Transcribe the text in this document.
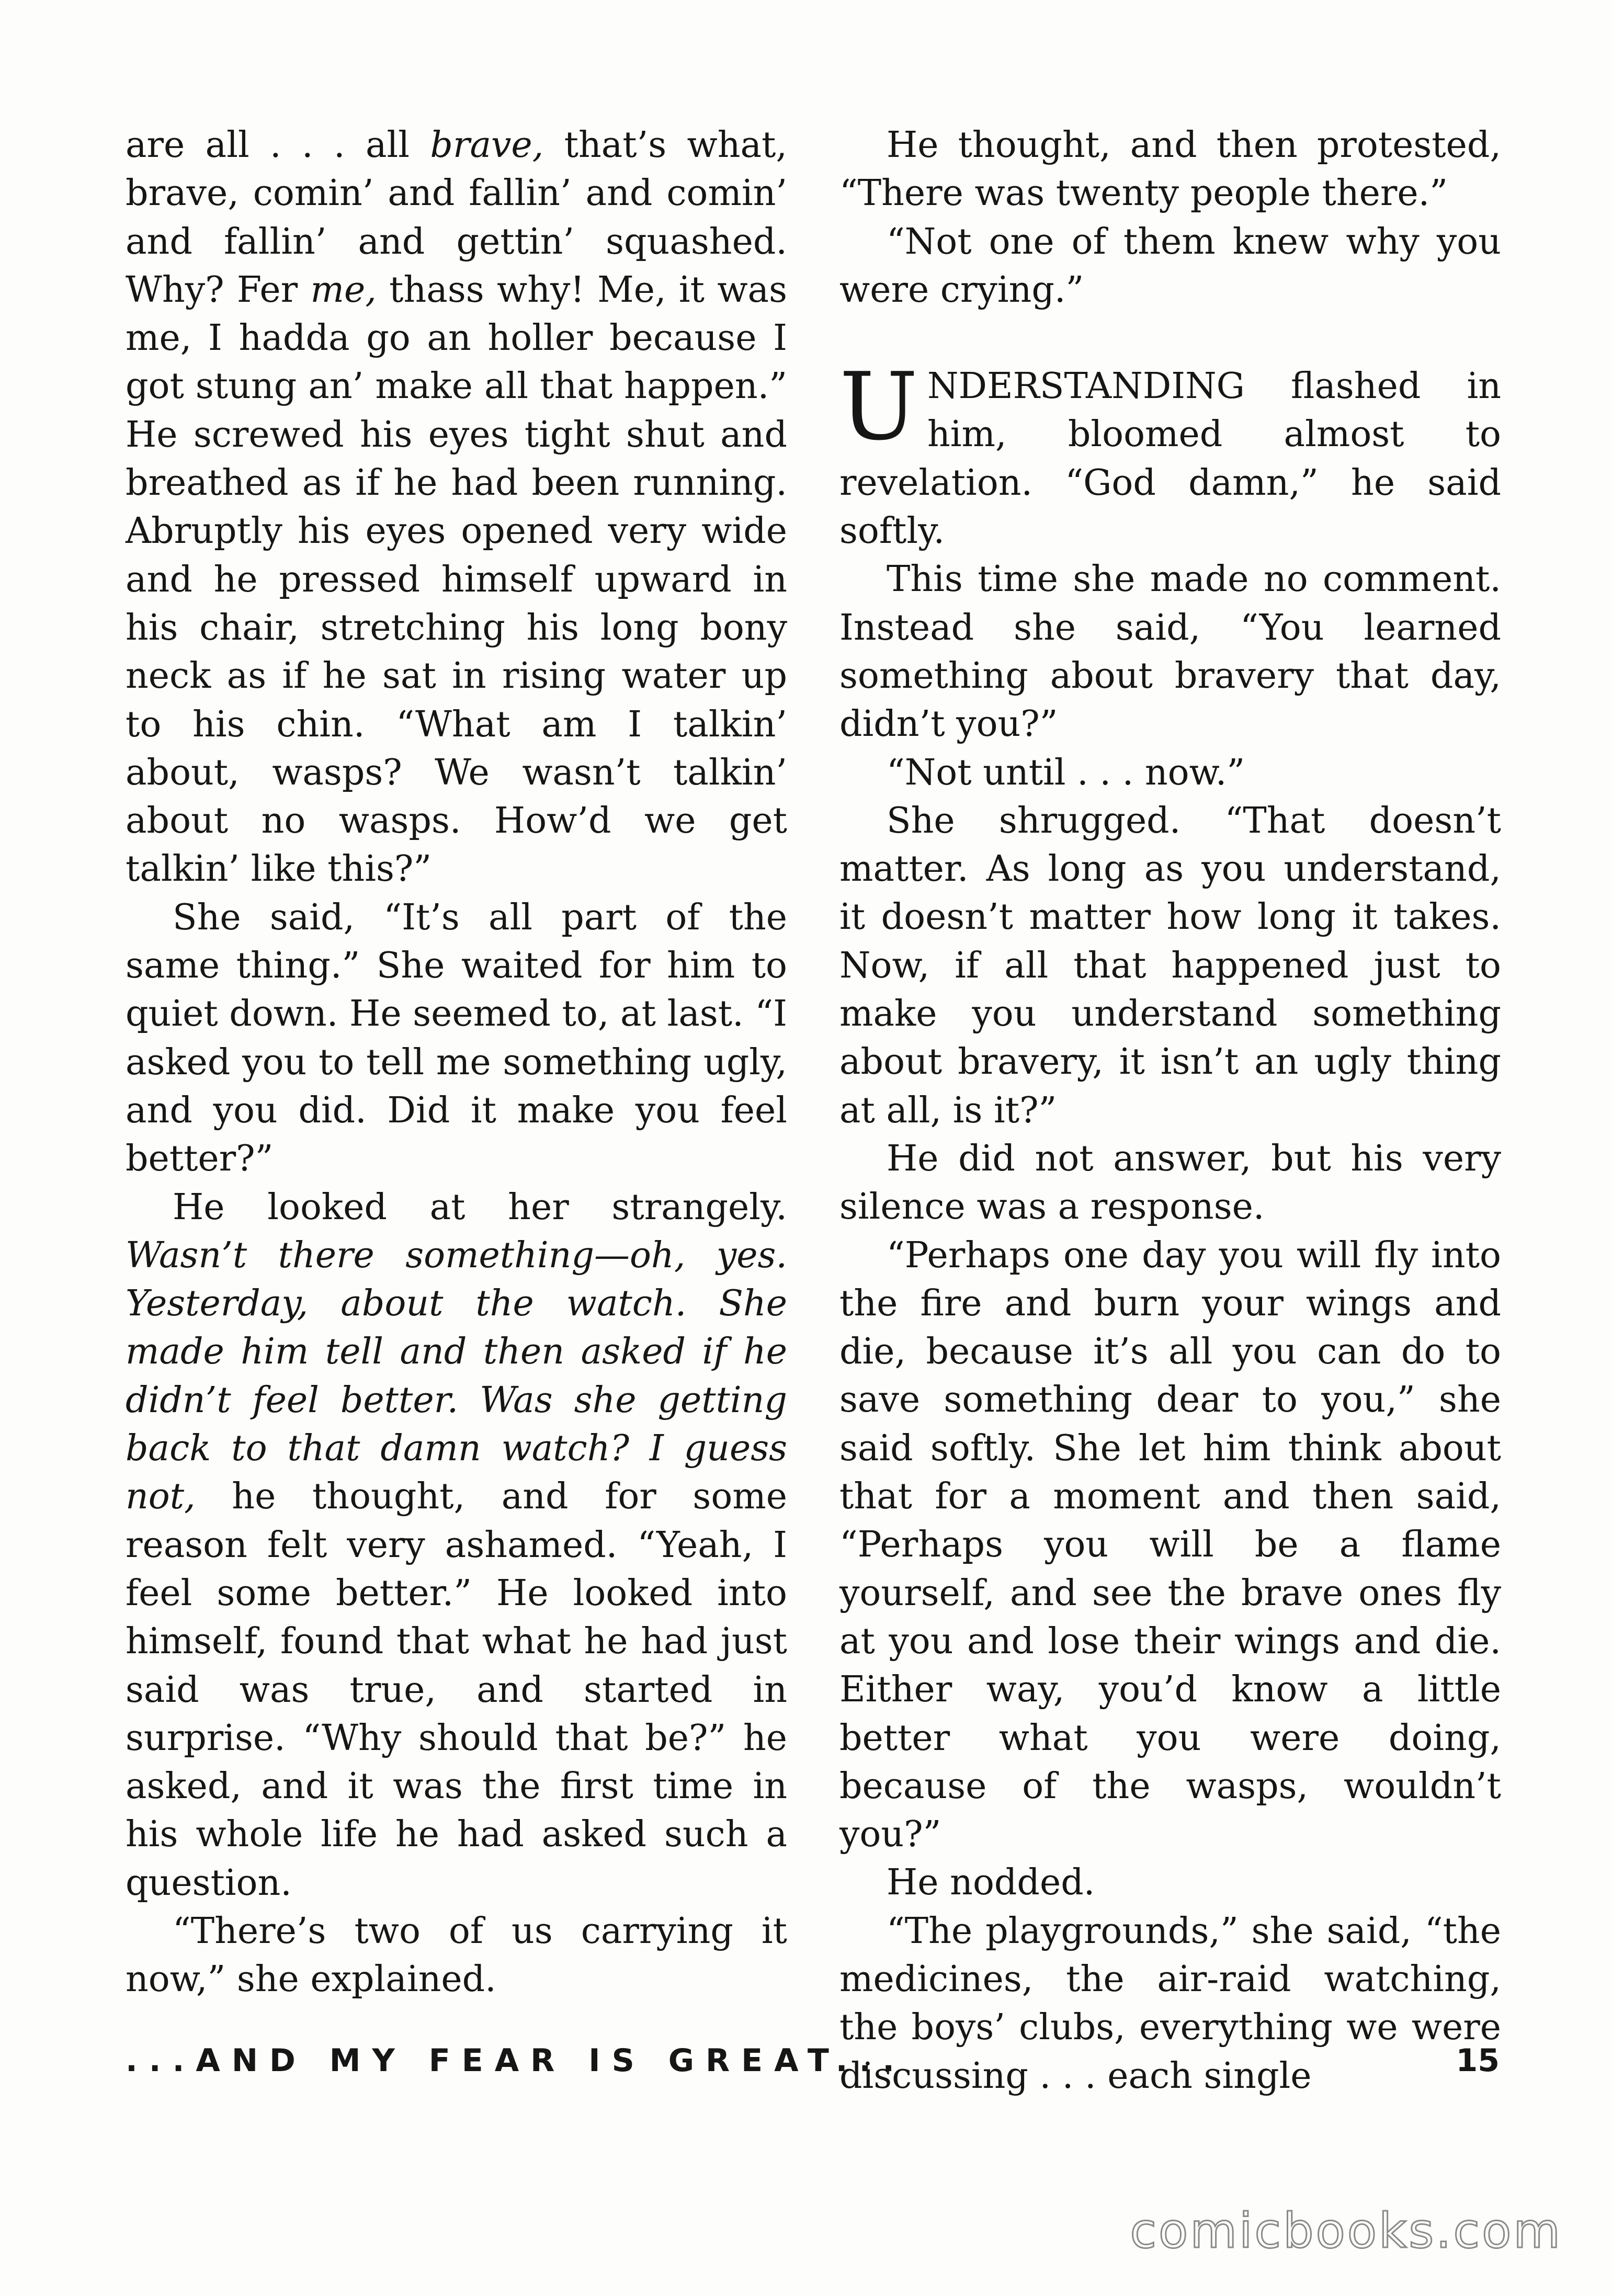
are all . . . all brave, that’s what, brave, comin’ and fallin’ and comin’ and fallin’ and gettin’ squashed. Why? Fer me, thass why! Me, it was me, I hadda go an holler because I got stung an’ make all that happen.” He screwed his eyes tight shut and breathed as if he had been running. Abruptly his eyes opened very wide and he pressed himself upward in his chair, stretching his long bony neck as if he sat in rising water up to his chin. “What am I talkin’ about, wasps? We wasn’t talkin’ about no wasps. How’d we get talkin’ like this?”

She said, “It’s all part of the same thing.” She waited for him to quiet down. He seemed to, at last. “I asked you to tell me something ugly, and you did. Did it make you feel better?”

He looked at her strangely. Wasn’t there something—oh, yes. Yesterday, about the watch. She made him tell and then asked if he didn’t feel better. Was she getting back to that damn watch? I guess not, he thought, and for some reason felt very ashamed. “Yeah, I feel some better.” He looked into himself, found that what he had just said was true, and started in surprise. “Why should that be?” he asked, and it was the first time in his whole life he had asked such a question.

“There’s two of us carrying it now,” she explained.

He thought, and then protested, “There was twenty people there.”

“Not one of them knew why you were crying.”

UNDERSTANDING flashed in him, bloomed almost to revelation. “God damn,” he said softly.

This time she made no comment. Instead she said, “You learned something about bravery that day, didn’t you?”

“Not until . . . now.”

She shrugged. “That doesn’t matter. As long as you understand, it doesn’t matter how long it takes. Now, if all that happened just to make you understand something about bravery, it isn’t an ugly thing at all, is it?”

He did not answer, but his very silence was a response.

“Perhaps one day you will fly into the fire and burn your wings and die, because it’s all you can do to save something dear to you,” she said softly. She let him think about that for a moment and then said, “Perhaps you will be a flame yourself, and see the brave ones fly at you and lose their wings and die. Either way, you’d know a little better what you were doing, because of the wasps, wouldn’t you?”

He nodded.

“The playgrounds,” she said, “the medicines, the air-raid watching, the boys’ clubs, everything we were discussing . . . each single

...AND MY FEAR IS GREAT...	15
comicbooks.com
